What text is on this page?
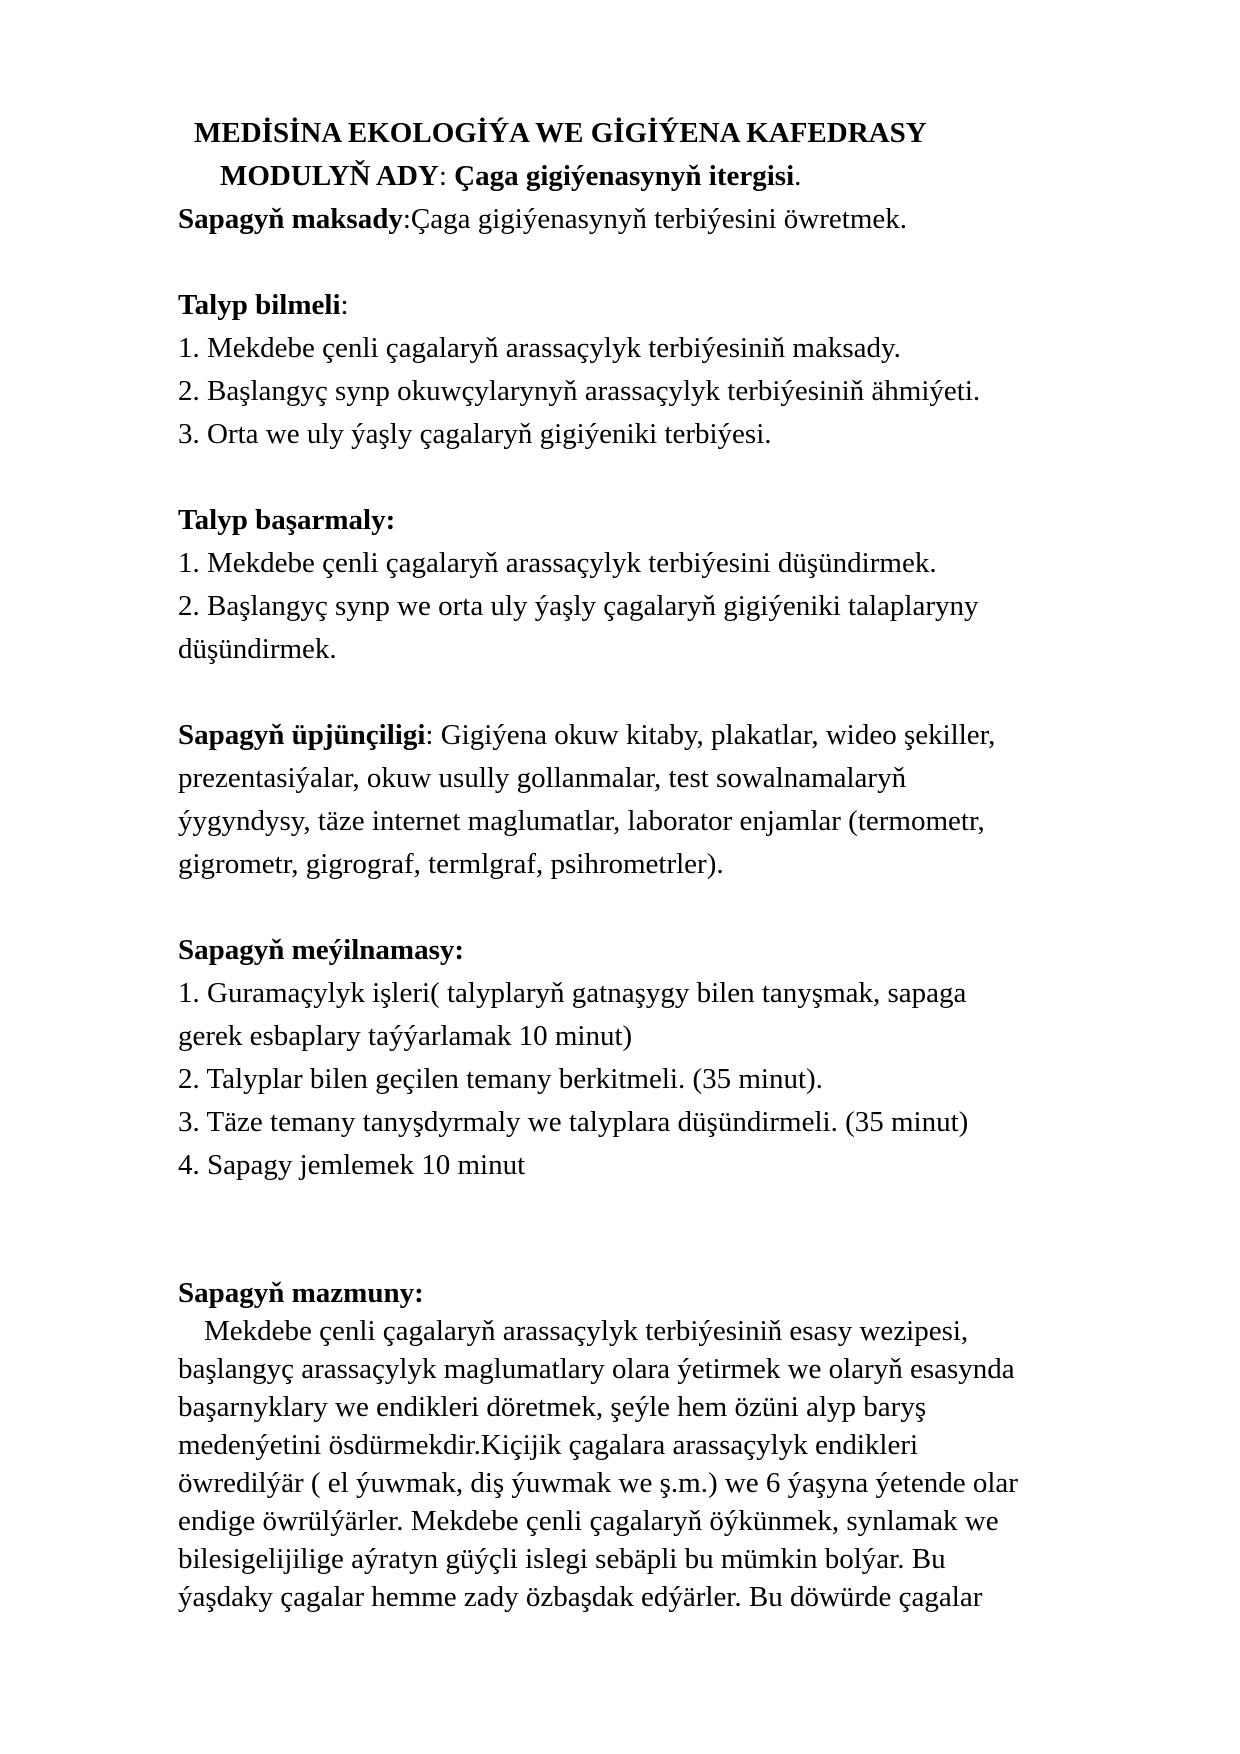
MEDİSİNA EKOLOGİÝA WE GİGİÝENA KAFEDRASY
MODULYŇ ADY: Çaga gigiýenasynyň itergisi.
Sapagyň maksady:Çaga gigiýenasynyň terbiýesini öwretmek.
Talyp bilmeli:
1. Mekdebe çenli çagalaryň arassaçylyk terbiýesiniň maksady.
2. Başlangyç synp okuwçylarynyň arassaçylyk terbiýesiniň ähmiýeti.
3. Orta we uly ýaşly çagalaryň gigiýeniki terbiýesi.
Talyp başarmaly:
1. Mekdebe çenli çagalaryň arassaçylyk terbiýesini düşündirmek.
2. Başlangyç synp we orta uly ýaşly çagalaryň gigiýeniki talaplaryny
düşündirmek.
Sapagyň üpjünçiligi: Gigiýena okuw kitaby, plakatlar, wideo şekiller,
prezentasiýalar, okuw usully gollanmalar, test sowalnamalaryň
ýygyndysy, täze internet maglumatlar, laborator enjamlar (termometr,
gigrometr, gigrograf, termlgraf, psihrometrler).
Sapagyň meýilnamasy:
1. Guramaçylyk işleri( talyplaryň gatnaşygy bilen tanyşmak, sapaga
gerek esbaplary taýýarlamak 10 minut)
2. Talyplar bilen geçilen temany berkitmeli. (35 minut).
3. Täze temany tanyşdyrmaly we talyplara düşündirmeli. (35 minut)
4. Sapagy jemlemek 10 minut
Sapagyň mazmuny:
Mekdebe çenli çagalaryň arassaçylyk terbiýesiniň esasy wezipesi,
başlangyç arassaçylyk maglumatlary olara ýetirmek we olaryň esasynda
başarnyklary we endikleri döretmek, şeýle hem özüni alyp baryş
medenýetini ösdürmekdir.Kiçijik çagalara arassaçylyk endikleri
öwredilýär ( el ýuwmak, diş ýuwmak we ş.m.) we 6 ýaşyna ýetende olar
endige öwrülýärler. Mekdebe çenli çagalaryň öýkünmek, synlamak we
bilesigelijilige aýratyn güýçli islegi sebäpli bu mümkin bolýar. Bu
ýaşdaky çagalar hemme zady özbaşdak edýärler. Bu döwürde çagalar
